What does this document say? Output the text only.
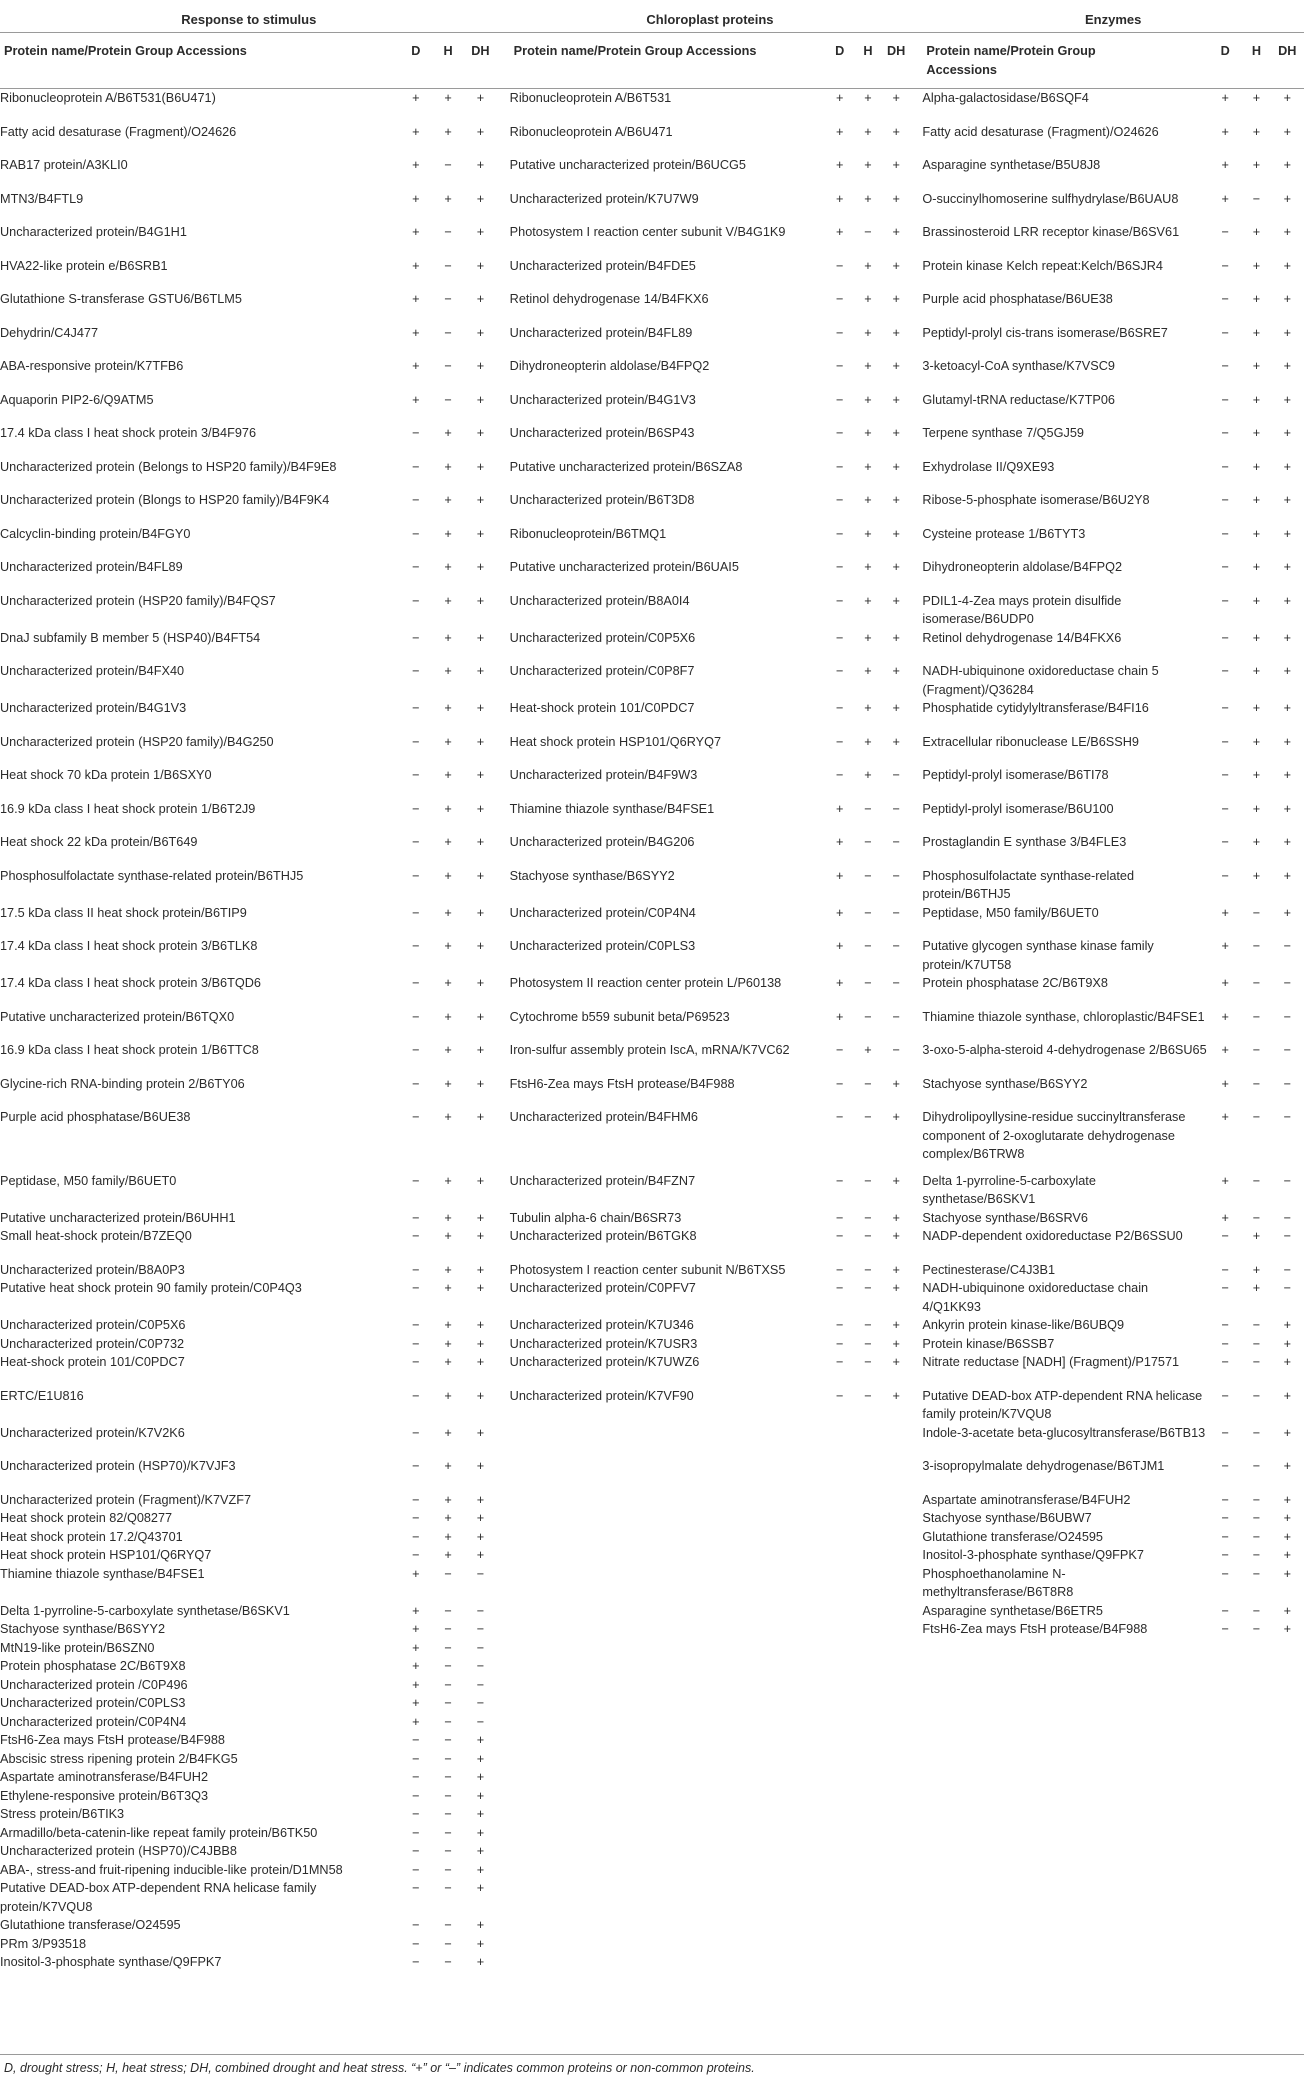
Response to stimulus					Chloroplast proteins					Enzymes			
Protein name/Protein Group Accessions	D	H	DH		Protein name/Protein Group Accessions	D	H	DH		Protein name/Protein Group
Accessions	D	H	DH
Ribonucleoprotein A/B6T531(B6U471)	+	+	+		Ribonucleoprotein A/B6T531	+	+	+		Alpha-galactosidase/B6SQF4	+	+	+
Fatty acid desaturase (Fragment)/O24626	+	+	+		Ribonucleoprotein A/B6U471	+	+	+		Fatty acid desaturase (Fragment)/O24626	+	+	+
RAB17 protein/A3KLI0	+	−	+		Putative uncharacterized protein/B6UCG5	+	+	+		Asparagine synthetase/B5U8J8	+	+	+
MTN3/B4FTL9	+	+	+		Uncharacterized protein/K7U7W9	+	+	+		O-succinylhomoserine sulfhydrylase/B6UAU8	+	−	+
Uncharacterized protein/B4G1H1	+	−	+		Photosystem I reaction center subunit V/B4G1K9	+	−	+		Brassinosteroid LRR receptor kinase/B6SV61	−	+	+
HVA22-like protein e/B6SRB1	+	−	+		Uncharacterized protein/B4FDE5	−	+	+		Protein kinase Kelch repeat:Kelch/B6SJR4	−	+	+
Glutathione S-transferase GSTU6/B6TLM5	+	−	+		Retinol dehydrogenase 14/B4FKX6	−	+	+		Purple acid phosphatase/B6UE38	−	+	+
Dehydrin/C4J477	+	−	+		Uncharacterized protein/B4FL89	−	+	+		Peptidyl-prolyl cis-trans isomerase/B6SRE7	−	+	+
ABA-responsive protein/K7TFB6	+	−	+		Dihydroneopterin aldolase/B4FPQ2	−	+	+		3-ketoacyl-CoA synthase/K7VSC9	−	+	+
Aquaporin PIP2-6/Q9ATM5	+	−	+		Uncharacterized protein/B4G1V3	−	+	+		Glutamyl-tRNA reductase/K7TP06	−	+	+
17.4 kDa class I heat shock protein 3/B4F976	−	+	+		Uncharacterized protein/B6SP43	−	+	+		Terpene synthase 7/Q5GJ59	−	+	+
Uncharacterized protein (Belongs to HSP20 family)/B4F9E8	−	+	+		Putative uncharacterized protein/B6SZA8	−	+	+		Exhydrolase II/Q9XE93	−	+	+
Uncharacterized protein (Blongs to HSP20 family)/B4F9K4	−	+	+		Uncharacterized protein/B6T3D8	−	+	+		Ribose-5-phosphate isomerase/B6U2Y8	−	+	+
Calcyclin-binding protein/B4FGY0	−	+	+		Ribonucleoprotein/B6TMQ1	−	+	+		Cysteine protease 1/B6TYT3	−	+	+
Uncharacterized protein/B4FL89	−	+	+		Putative uncharacterized protein/B6UAI5	−	+	+		Dihydroneopterin aldolase/B4FPQ2	−	+	+
Uncharacterized protein (HSP20 family)/B4FQS7	−	+	+		Uncharacterized protein/B8A0I4	−	+	+		PDIL1-4-Zea mays protein disulfide isomerase/B6UDP0	−	+	+
DnaJ subfamily B member 5 (HSP40)/B4FT54	−	+	+		Uncharacterized protein/C0P5X6	−	+	+		Retinol dehydrogenase 14/B4FKX6	−	+	+
Uncharacterized protein/B4FX40	−	+	+		Uncharacterized protein/C0P8F7	−	+	+		NADH-ubiquinone oxidoreductase chain 5 (Fragment)/Q36284	−	+	+
Uncharacterized protein/B4G1V3	−	+	+		Heat-shock protein 101/C0PDC7	−	+	+		Phosphatide cytidylyltransferase/B4FI16	−	+	+
Uncharacterized protein (HSP20 family)/B4G250	−	+	+		Heat shock protein HSP101/Q6RYQ7	−	+	+		Extracellular ribonuclease LE/B6SSH9	−	+	+
Heat shock 70 kDa protein 1/B6SXY0	−	+	+		Uncharacterized protein/B4F9W3	−	+	−		Peptidyl-prolyl isomerase/B6TI78	−	+	+
16.9 kDa class I heat shock protein 1/B6T2J9	−	+	+		Thiamine thiazole synthase/B4FSE1	+	−	−		Peptidyl-prolyl isomerase/B6U100	−	+	+
Heat shock 22 kDa protein/B6T649	−	+	+		Uncharacterized protein/B4G206	+	−	−		Prostaglandin E synthase 3/B4FLE3	−	+	+
Phosphosulfolactate synthase-related protein/B6THJ5	−	+	+		Stachyose synthase/B6SYY2	+	−	−		Phosphosulfolactate synthase-related protein/B6THJ5	−	+	+
17.5 kDa class II heat shock protein/B6TIP9	−	+	+		Uncharacterized protein/C0P4N4	+	−	−		Peptidase, M50 family/B6UET0	+	−	+
17.4 kDa class I heat shock protein 3/B6TLK8	−	+	+		Uncharacterized protein/C0PLS3	+	−	−		Putative glycogen synthase kinase family protein/K7UT58	+	−	−
17.4 kDa class I heat shock protein 3/B6TQD6	−	+	+		Photosystem II reaction center protein L/P60138	+	−	−		Protein phosphatase 2C/B6T9X8	+	−	−
Putative uncharacterized protein/B6TQX0	−	+	+		Cytochrome b559 subunit beta/P69523	+	−	−		Thiamine thiazole synthase, chloroplastic/B4FSE1	+	−	−
16.9 kDa class I heat shock protein 1/B6TTC8	−	+	+		Iron-sulfur assembly protein IscA, mRNA/K7VC62	−	+	−		3-oxo-5-alpha-steroid 4-dehydrogenase 2/B6SU65	+	−	−
Glycine-rich RNA-binding protein 2/B6TY06	−	+	+		FtsH6-Zea mays FtsH protease/B4F988	−	−	+		Stachyose synthase/B6SYY2	+	−	−
Purple acid phosphatase/B6UE38	−	+	+		Uncharacterized protein/B4FHM6	−	−	+		Dihydrolipoyllysine-residue succinyltransferase component of 2-oxoglutarate dehydrogenase complex/B6TRW8	+	−	−
Peptidase, M50 family/B6UET0	−	+	+		Uncharacterized protein/B4FZN7	−	−	+		Delta 1-pyrroline-5-carboxylate synthetase/B6SKV1	+	−	−
Putative uncharacterized protein/B6UHH1	−	+	+		Tubulin alpha-6 chain/B6SR73	−	−	+		Stachyose synthase/B6SRV6	+	−	−
Small heat-shock protein/B7ZEQ0	−	+	+		Uncharacterized protein/B6TGK8	−	−	+		NADP-dependent oxidoreductase P2/B6SSU0	−	+	−
Uncharacterized protein/B8A0P3	−	+	+		Photosystem I reaction center subunit N/B6TXS5	−	−	+		Pectinesterase/C4J3B1	−	+	−
Putative heat shock protein 90 family protein/C0P4Q3	−	+	+		Uncharacterized protein/C0PFV7	−	−	+		NADH-ubiquinone oxidoreductase chain 4/Q1KK93	−	+	−
Uncharacterized protein/C0P5X6	−	+	+		Uncharacterized protein/K7U346	−	−	+		Ankyrin protein kinase-like/B6UBQ9	−	−	+
Uncharacterized protein/C0P732	−	+	+		Uncharacterized protein/K7USR3	−	−	+		Protein kinase/B6SSB7	−	−	+
Heat-shock protein 101/C0PDC7	−	+	+		Uncharacterized protein/K7UWZ6	−	−	+		Nitrate reductase [NADH] (Fragment)/P17571	−	−	+
ERTC/E1U816	−	+	+		Uncharacterized protein/K7VF90	−	−	+		Putative DEAD-box ATP-dependent RNA helicase family protein/K7VQU8	−	−	+
Uncharacterized protein/K7V2K6	−	+	+							Indole-3-acetate beta-glucosyltransferase/B6TB13	−	−	+
Uncharacterized protein (HSP70)/K7VJF3	−	+	+							3-isopropylmalate dehydrogenase/B6TJM1	−	−	+
Uncharacterized protein (Fragment)/K7VZF7	−	+	+							Aspartate aminotransferase/B4FUH2	−	−	+
Heat shock protein 82/Q08277	−	+	+							Stachyose synthase/B6UBW7	−	−	+
Heat shock protein 17.2/Q43701	−	+	+							Glutathione transferase/O24595	−	−	+
Heat shock protein HSP101/Q6RYQ7	−	+	+							Inositol-3-phosphate synthase/Q9FPK7	−	−	+
Thiamine thiazole synthase/B4FSE1	+	−	−							Phosphoethanolamine N-methyltransferase/B6T8R8	−	−	+
Delta 1-pyrroline-5-carboxylate synthetase/B6SKV1	+	−	−							Asparagine synthetase/B6ETR5	−	−	+
Stachyose synthase/B6SYY2	+	−	−							FtsH6-Zea mays FtsH protease/B4F988	−	−	+
MtN19-like protein/B6SZN0	+	−	−										
Protein phosphatase 2C/B6T9X8	+	−	−										
Uncharacterized protein /C0P496	+	−	−										
Uncharacterized protein/C0PLS3	+	−	−										
Uncharacterized protein/C0P4N4	+	−	−										
FtsH6-Zea mays FtsH protease/B4F988	−	−	+										
Abscisic stress ripening protein 2/B4FKG5	−	−	+										
Aspartate aminotransferase/B4FUH2	−	−	+										
Ethylene-responsive protein/B6T3Q3	−	−	+										
Stress protein/B6TIK3	−	−	+										
Armadillo/beta-catenin-like repeat family protein/B6TK50	−	−	+										
Uncharacterized protein (HSP70)/C4JBB8	−	−	+										
ABA-, stress-and fruit-ripening inducible-like protein/D1MN58	−	−	+										
Putative DEAD-box ATP-dependent RNA helicase family protein/K7VQU8	−	−	+										
Glutathione transferase/O24595	−	−	+										
PRm 3/P93518	−	−	+										
Inositol-3-phosphate synthase/Q9FPK7	−	−	+										
D, drought stress; H, heat stress; DH, combined drought and heat stress. “+” or “–” indicates common proteins or non-common proteins.
